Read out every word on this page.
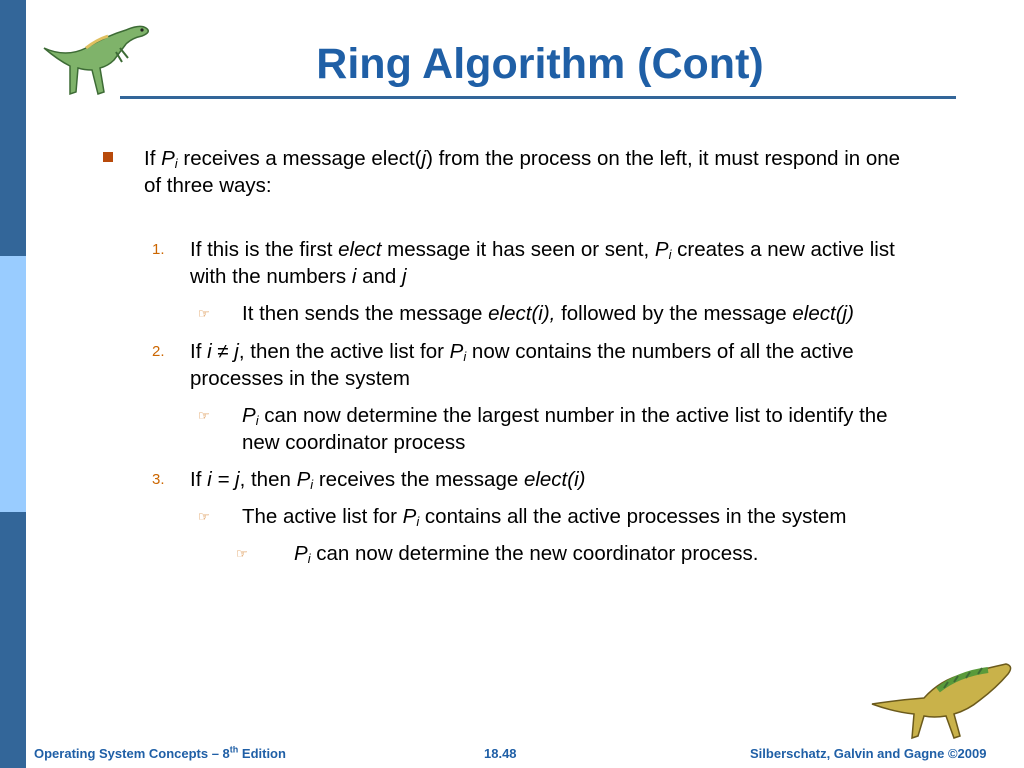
Ring Algorithm (Cont)
If $P_i$ receives a message elect(j) from the process on the left, it must respond in one
of three ways:
1. If this is the first elect message it has seen or sent, $P_i$ creates a new active list
with the numbers i and j
☞ It then sends the message elect(i), followed by the message elect(j)
2. If i ≠ j, then the active list for $P_i$ now contains the numbers of all the active
processes in the system
☞ $P_i$ can now determine the largest number in the active list to identify the
new coordinator process
3. If i = j, then $P_i$ receives the message elect(i)
☞ The active list for $P_i$ contains all the active processes in the system
☞ $P_i$ can now determine the new coordinator process.
Operating System Concepts – 8th Edition	18.48	Silberschatz, Galvin and Gagne ©2009
